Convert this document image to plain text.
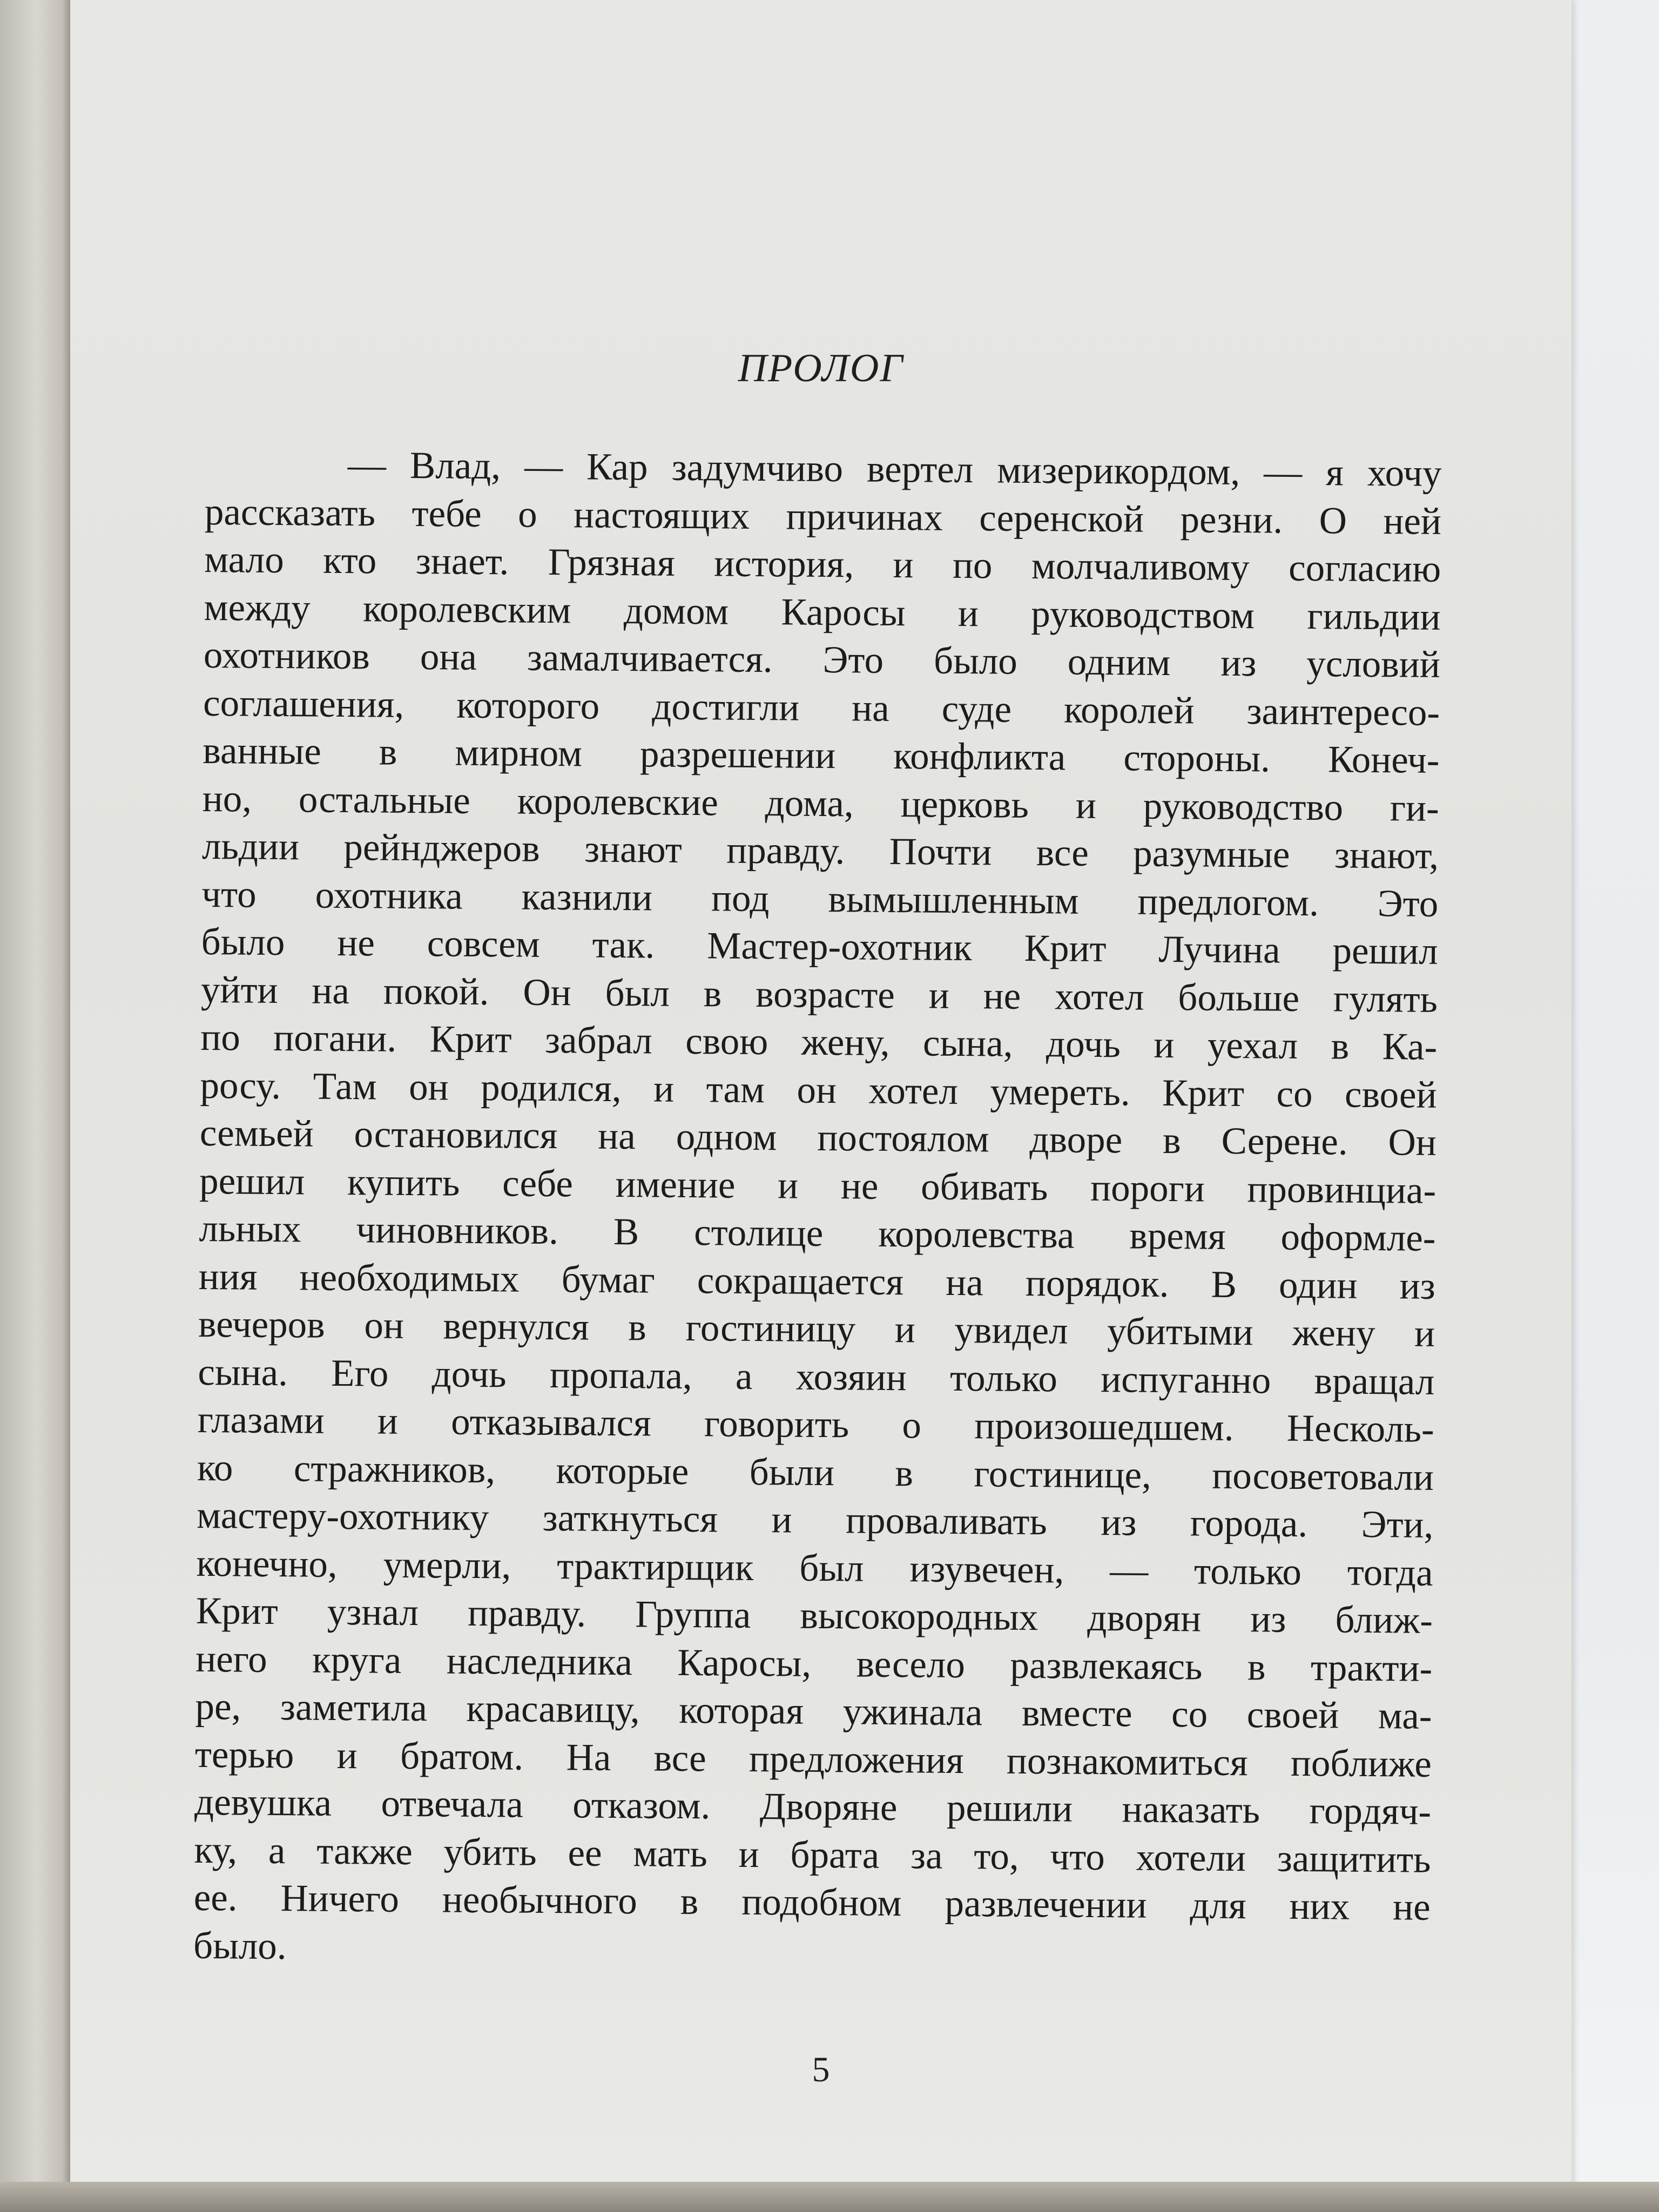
ПРОЛОГ
— Влад, — Кар задумчиво вертел мизерикордом, — я хочу
рассказать тебе о настоящих причинах серенской резни. О ней
мало кто знает. Грязная история, и по молчаливому согласию
между королевским домом Каросы и руководством гильдии
охотников она замалчивается. Это было одним из условий
соглашения, которого достигли на суде королей заинтересо-
ванные в мирном разрешении конфликта стороны. Конеч-
но, остальные королевские дома, церковь и руководство ги-
льдии рейнджеров знают правду. Почти все разумные знают,
что охотника казнили под вымышленным предлогом. Это
было не совсем так. Мастер-охотник Крит Лучина решил
уйти на покой. Он был в возрасте и не хотел больше гулять
по погани. Крит забрал свою жену, сына, дочь и уехал в Ка-
росу. Там он родился, и там он хотел умереть. Крит со своей
семьей остановился на одном постоялом дворе в Серене. Он
решил купить себе имение и не обивать пороги провинциа-
льных чиновников. В столице королевства время оформле-
ния необходимых бумаг сокращается на порядок. В один из
вечеров он вернулся в гостиницу и увидел убитыми жену и
сына. Его дочь пропала, а хозяин только испуганно вращал
глазами и отказывался говорить о произошедшем. Несколь-
ко стражников, которые были в гостинице, посоветовали
мастеру-охотнику заткнуться и проваливать из города. Эти,
конечно, умерли, трактирщик был изувечен, — только тогда
Крит узнал правду. Группа высокородных дворян из ближ-
него круга наследника Каросы, весело развлекаясь в тракти-
ре, заметила красавицу, которая ужинала вместе со своей ма-
терью и братом. На все предложения познакомиться поближе
девушка отвечала отказом. Дворяне решили наказать гордяч-
ку, а также убить ее мать и брата за то, что хотели защитить
ее. Ничего необычного в подобном развлечении для них не
было.
5
